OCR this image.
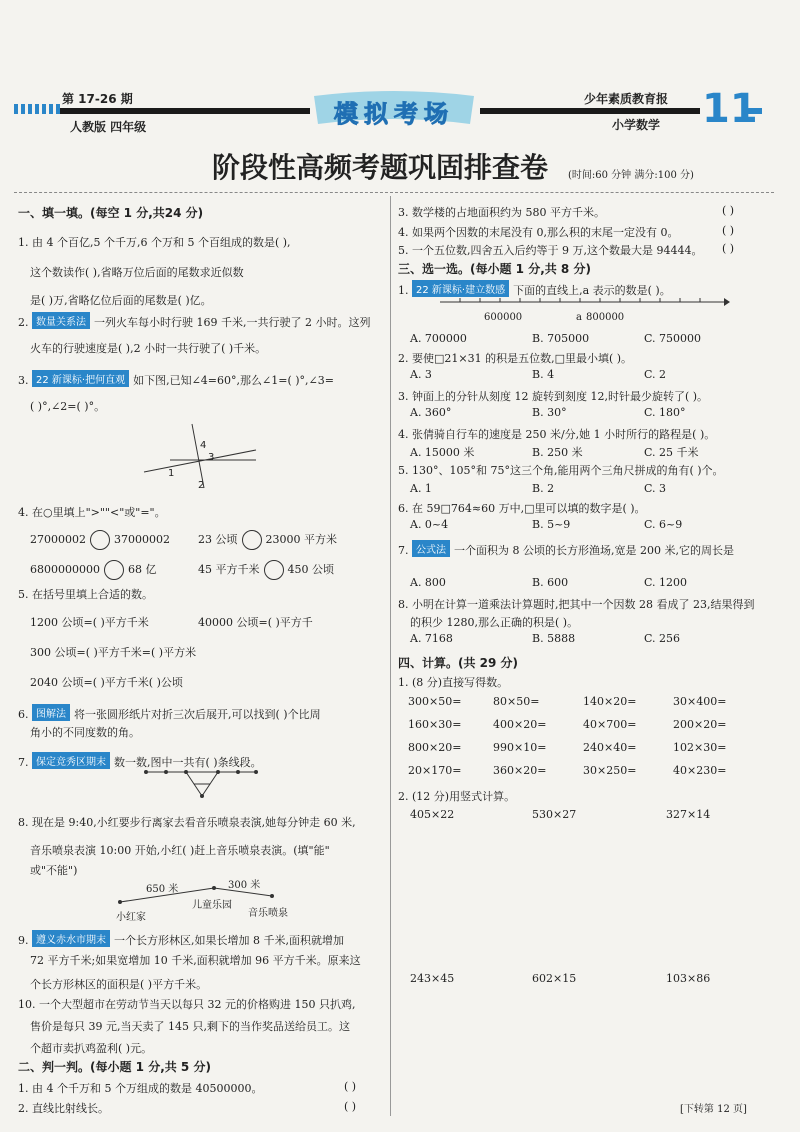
第 17-26 期
人教版 四年级	模拟考场
少年素质教育报
小学数学 11
阶段性高频考题巩固排查卷 (时间:60 分钟 满分:100 分)
一、填一填。(每空 1 分,共24 分)
1. 由 4 个百亿,5 个千万,6 个万和 5 个百组成的数是( ),
这个数读作( ),省略万位后面的尾数求近似数
是( )万,省略亿位后面的尾数是( )亿。
2. 数量关系法 一列火车每小时行驶 169 千米,一共行驶了 2 小时。这列
火车的行驶速度是( ),2 小时一共行驶了( )千米。
3. 22 新课标·把何直观 如下图,已知∠4=60°,那么∠1=( )°,∠3=
( )°,∠2=( )°。
4
3
1
2
4. 在○里填上">""<"或"="。
27000002	37000002	23 公顷	23000 平方米
6800000000	68 亿	45 平方千米	450 公顷
5. 在括号里填上合适的数。
1200 公顷=( )平方千米	40000 公顷=( )平方千
300 公顷=( )平方千米=( )平方米
2040 公顷=( )平方千米( )公顷
6. 图解法 将一张圆形纸片对折三次后展开,可以找到( )个比周
角小的不同度数的角。
7. 保定竞秀区期末 数一数,图中一共有( )条线段。
8. 现在是 9:40,小红要步行离家去看音乐喷泉表演,她每分钟走 60 米,
音乐喷泉表演 10:00 开始,小红( )赶上音乐喷泉表演。(填"能"
或"不能")
650 米	300 米
儿童乐园
小红家	音乐喷泉
9. 遵义赤水市期末 一个长方形林区,如果长增加 8 千米,面积就增加
72 平方千米;如果宽增加 10 千米,面积就增加 96 平方千米。原来这
个长方形林区的面积是( )平方千米。
10. 一个大型超市在劳动节当天以每只 32 元的价格购进 150 只扒鸡,
售价是每只 39 元,当天卖了 145 只,剩下的当作奖品送给员工。这
个超市卖扒鸡盈利( )元。
二、判一判。(每小题 1 分,共 5 分)
1. 由 4 个千万和 5 个万组成的数是 40500000。	( )
2. 直线比射线长。	( )
3. 数学楼的占地面积约为 580 平方千米。	( )
4. 如果两个因数的末尾没有 0,那么积的末尾一定没有 0。	( )
5. 一个五位数,四舍五入后约等于 9 万,这个数最大是 94444。 ( )
三、选一选。(每小题 1 分,共 8 分)
1. 22 新课标·建立数感 下面的直线上,a 表示的数是( )。
600000	a 800000
A. 700000	B. 705000	C. 750000
2. 要使□21×31 的积是五位数,□里最小填( )。
A. 3	B. 4	C. 2
3. 钟面上的分针从刻度 12 旋转到刻度 12,时针最少旋转了( )。
A. 360°	B. 30°	C. 180°
4. 张倩骑自行车的速度是 250 米/分,她 1 小时所行的路程是( )。
A. 15000 米	B. 250 米	C. 25 千米
5. 130°、105°和 75°这三个角,能用两个三角尺拼成的角有( )个。
A. 1	B. 2	C. 3
6. 在 59□764≈60 万中,□里可以填的数字是( )。
A. 0~4	B. 5~9	C. 6~9
7. 公式法 一个面积为 8 公顷的长方形渔场,宽是 200 米,它的周长是
A. 800	B. 600	C. 1200
8. 小明在计算一道乘法计算题时,把其中一个因数 28 看成了 23,结果得到
的积少 1280,那么正确的积是( )。
A. 7168	B. 5888	C. 256
四、计算。(共 29 分)
1. (8 分)直接写得数。
300×50=	80×50=	140×20=	30×400=
160×30=	400×20=	40×700=	200×20=
800×20=	990×10=	240×40=	102×30=
20×170=	360×20=	30×250=	40×230=
2. (12 分)用竖式计算。
405×22	530×27	327×14
243×45	602×15	103×86
[下转第 12 页]
